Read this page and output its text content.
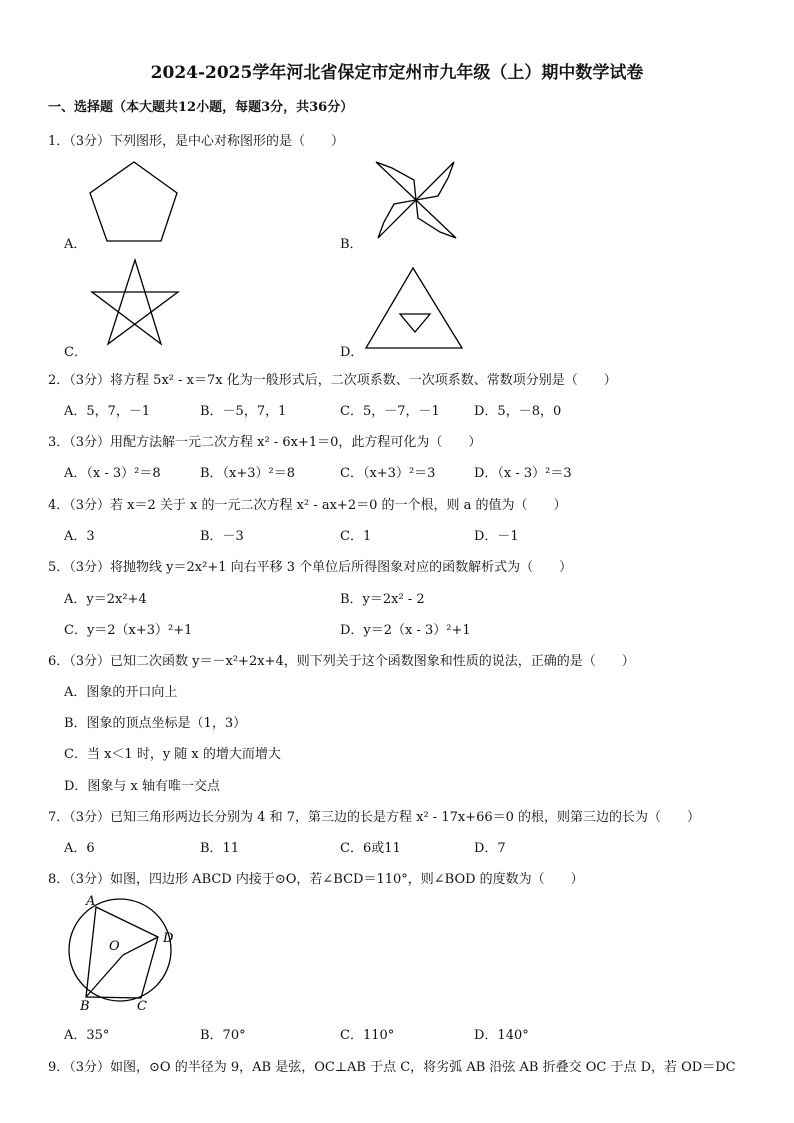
2024-2025学年河北省保定市定州市九年级（上）期中数学试卷
一、选择题（本大题共12小题，每题3分，共36分）
1．（3分）下列图形，是中心对称图形的是（　　）
A．	B．
C．	D．
2．（3分）将方程 5x² - x＝7x 化为一般形式后，二次项系数、一次项系数、常数项分别是（　　）
A．5，7，－1	B．－5，7，1	C．5，－7，－1	D．5，－8，0
3．（3分）用配方法解一元二次方程 x² - 6x+1＝0，此方程可化为（　　）
A．（x - 3）²＝8	B．（x+3）²＝8	C．（x+3）²＝3	D．（x - 3）²＝3
4．（3分）若 x＝2 关于 x 的一元二次方程 x² - ax+2＝0 的一个根，则 a 的值为（　　）
A．3	B．－3	C．1	D．－1
5．（3分）将抛物线 y＝2x²+1 向右平移 3 个单位后所得图象对应的函数解析式为（　　）
A．y＝2x²+4	B．y＝2x² - 2
C．y＝2（x+3）²+1	D．y＝2（x - 3）²+1
6．（3分）已知二次函数 y＝－x²+2x+4，则下列关于这个函数图象和性质的说法，正确的是（　　）
A．图象的开口向上
B．图象的顶点坐标是（1，3）
C．当 x＜1 时，y 随 x 的增大而增大
D．图象与 x 轴有唯一交点
7．（3分）已知三角形两边长分别为 4 和 7，第三边的长是方程 x² - 17x+66＝0 的根，则第三边的长为（　　）
A．6	B．11	C．6或11	D．7
8．（3分）如图，四边形 ABCD 内接于⊙O，若∠BCD＝110°，则∠BOD 的度数为（　　）
A
O
D
B	C
A．35°	B．70°	C．110°	D．140°
9．（3分）如图，⊙O 的半径为 9，AB 是弦，OC⊥AB 于点 C，将劣弧 AB 沿弦 AB 折叠交 OC 于点 D，若 OD＝DC
